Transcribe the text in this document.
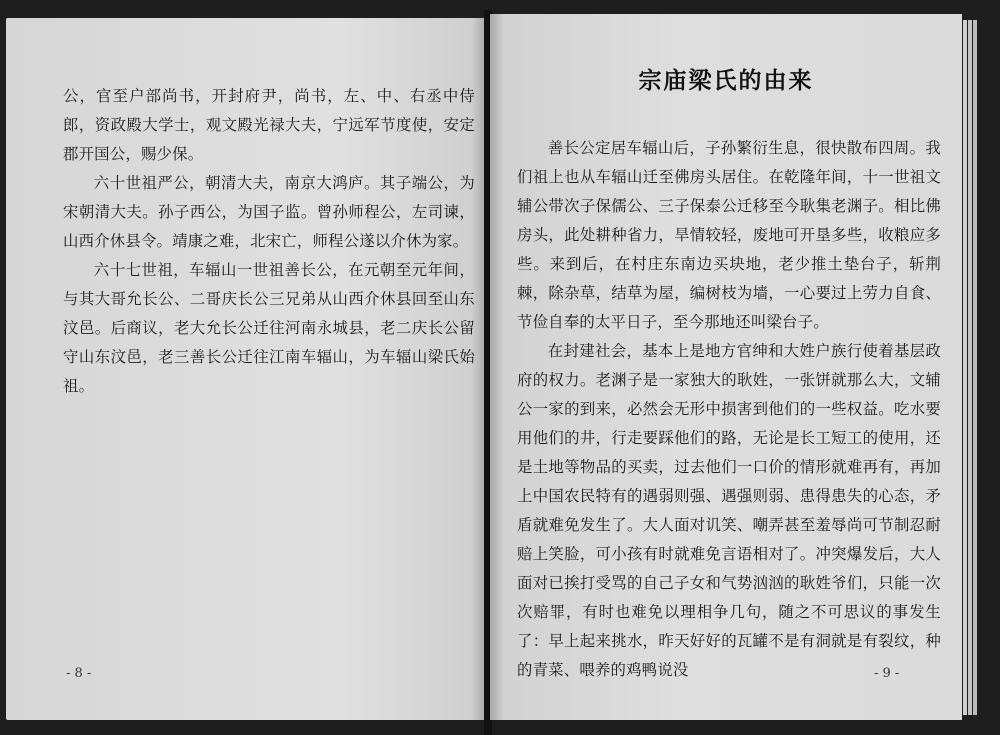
公，官至户部尚书，开封府尹，尚书，左、中、右丞中侍郎，资政殿大学士，观文殿光禄大夫，宁远军节度使，安定郡开国公，赐少保。

六十世祖严公，朝清大夫，南京大鸿庐。其子端公，为宋朝清大夫。孙子西公，为国子监。曾孙师程公，左司谏，山西介休县令。靖康之难，北宋亡，师程公遂以介休为家。

六十七世祖，车辐山一世祖善长公，在元朝至元年间，与其大哥允长公、二哥庆长公三兄弟从山西介休县回至山东汶邑。后商议，老大允长公迁往河南永城县，老二庆长公留守山东汶邑，老三善长公迁往江南车辐山，为车辐山梁氏始祖。

- 8 -
宗庙梁氏的由来

善长公定居车辐山后，子孙繁衍生息，很快散布四周。我们祖上也从车辐山迁至佛房头居住。在乾隆年间，十一世祖文辅公带次子保儒公、三子保泰公迁移至今耿集老渊子。相比佛房头，此处耕种省力，旱情较轻，废地可开垦多些，收粮应多些。来到后，在村庄东南边买块地，老少推土垫台子，斩荆棘，除杂草，结草为屋，编树枝为墙，一心要过上劳力自食、节俭自奉的太平日子，至今那地还叫梁台子。

在封建社会，基本上是地方官绅和大姓户族行使着基层政府的权力。老渊子是一家独大的耿姓，一张饼就那么大，文辅公一家的到来，必然会无形中损害到他们的一些权益。吃水要用他们的井，行走要踩他们的路，无论是长工短工的使用，还是土地等物品的买卖，过去他们一口价的情形就难再有，再加上中国农民特有的遇弱则强、遇强则弱、患得患失的心态，矛盾就难免发生了。大人面对讥笑、嘲弄甚至羞辱尚可节制忍耐赔上笑脸，可小孩有时就难免言语相对了。冲突爆发后，大人面对已挨打受骂的自己子女和气势汹汹的耿姓爷们，只能一次次赔罪，有时也难免以理相争几句，随之不可思议的事发生了：早上起来挑水，昨天好好的瓦罐不是有洞就是有裂纹，种的青菜、喂养的鸡鸭说没	- 9 -
